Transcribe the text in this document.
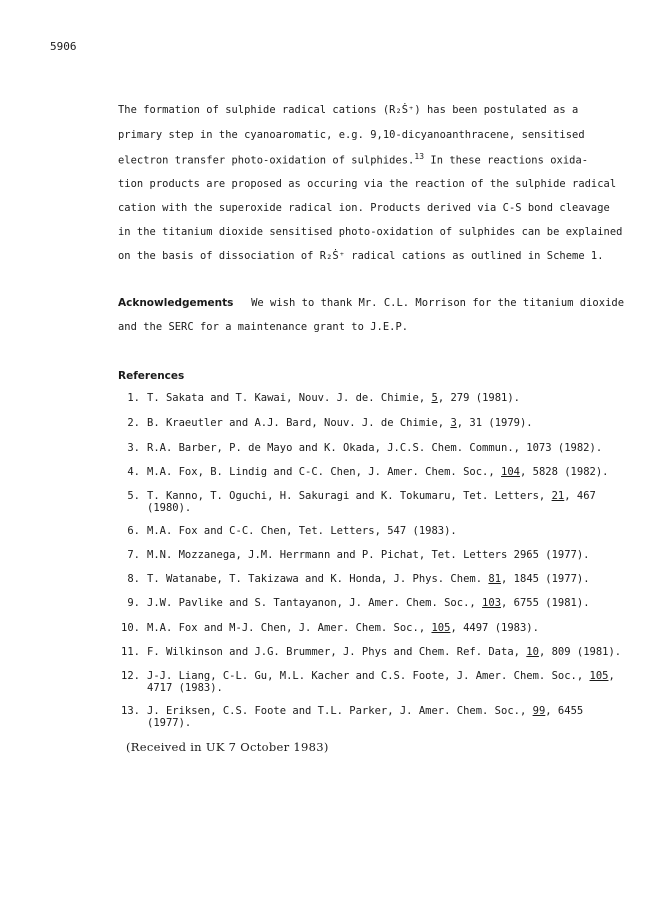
5906
The formation of sulphide radical cations (R₂Ṡ⁺) has been postulated as a
primary step in the cyanoaromatic, e.g. 9,10-dicyanoanthracene, sensitised
electron transfer photo-oxidation of sulphides.$^{13}$ In these reactions oxida-
tion products are proposed as occuring via the reaction of the sulphide radical
cation with the superoxide radical ion. Products derived via C-S bond cleavage
in the titanium dioxide sensitised photo-oxidation of sulphides can be explained
on the basis of dissociation of R₂Ṡ⁺ radical cations as outlined in Scheme 1.
Acknowledgements We wish to thank Mr. C.L. Morrison for the titanium dioxide
and the SERC for a maintenance grant to J.E.P.
References
1. T. Sakata and T. Kawai, Nouv. J. de. Chimie, 5, 279 (1981).
2. B. Kraeutler and A.J. Bard, Nouv. J. de Chimie, 3, 31 (1979).
3. R.A. Barber, P. de Mayo and K. Okada, J.C.S. Chem. Commun., 1073 (1982).
4. M.A. Fox, B. Lindig and C-C. Chen, J. Amer. Chem. Soc., 104, 5828 (1982).
5. T. Kanno, T. Oguchi, H. Sakuragi and K. Tokumaru, Tet. Letters, 21, 467
(1980).
6. M.A. Fox and C-C. Chen, Tet. Letters, 547 (1983).
7. M.N. Mozzanega, J.M. Herrmann and P. Pichat, Tet. Letters 2965 (1977).
8. T. Watanabe, T. Takizawa and K. Honda, J. Phys. Chem. 81, 1845 (1977).
9. J.W. Pavlike and S. Tantayanon, J. Amer. Chem. Soc., 103, 6755 (1981).
10. M.A. Fox and M-J. Chen, J. Amer. Chem. Soc., 105, 4497 (1983).
11. F. Wilkinson and J.G. Brummer, J. Phys and Chem. Ref. Data, 10, 809 (1981).
12. J-J. Liang, C-L. Gu, M.L. Kacher and C.S. Foote, J. Amer. Chem. Soc., 105,
4717 (1983).
13. J. Eriksen, C.S. Foote and T.L. Parker, J. Amer. Chem. Soc., 99, 6455
(1977).
(Received in UK 7 October 1983)
